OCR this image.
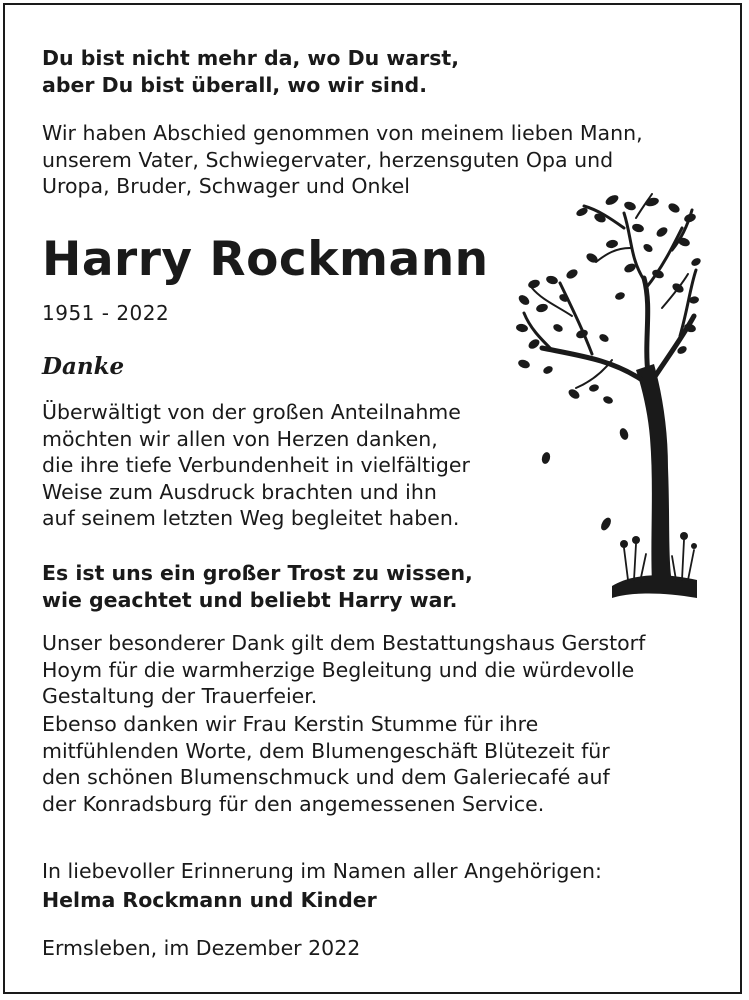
Du bist nicht mehr da, wo Du warst,
aber Du bist überall, wo wir sind.
Wir haben Abschied genommen von meinem lieben Mann,
unserem Vater, Schwiegervater, herzensguten Opa und
Uropa, Bruder, Schwager und Onkel
Harry Rockmann
1951 - 2022
Danke
Überwältigt von der großen Anteilnahme
möchten wir allen von Herzen danken,
die ihre tiefe Verbundenheit in vielfältiger
Weise zum Ausdruck brachten und ihn
auf seinem letzten Weg begleitet haben.
Es ist uns ein großer Trost zu wissen,
wie geachtet und beliebt Harry war.
Unser besonderer Dank gilt dem Bestattungshaus Gerstorf
Hoym für die warmherzige Begleitung und die würdevolle
Gestaltung der Trauerfeier.
Ebenso danken wir Frau Kerstin Stumme für ihre
mitfühlenden Worte, dem Blumengeschäft Blütezeit für
den schönen Blumenschmuck und dem Galeriecafé auf
der Konradsburg für den angemessenen Service.
In liebevoller Erinnerung im Namen aller Angehörigen:
Helma Rockmann und Kinder
Ermsleben, im Dezember 2022
